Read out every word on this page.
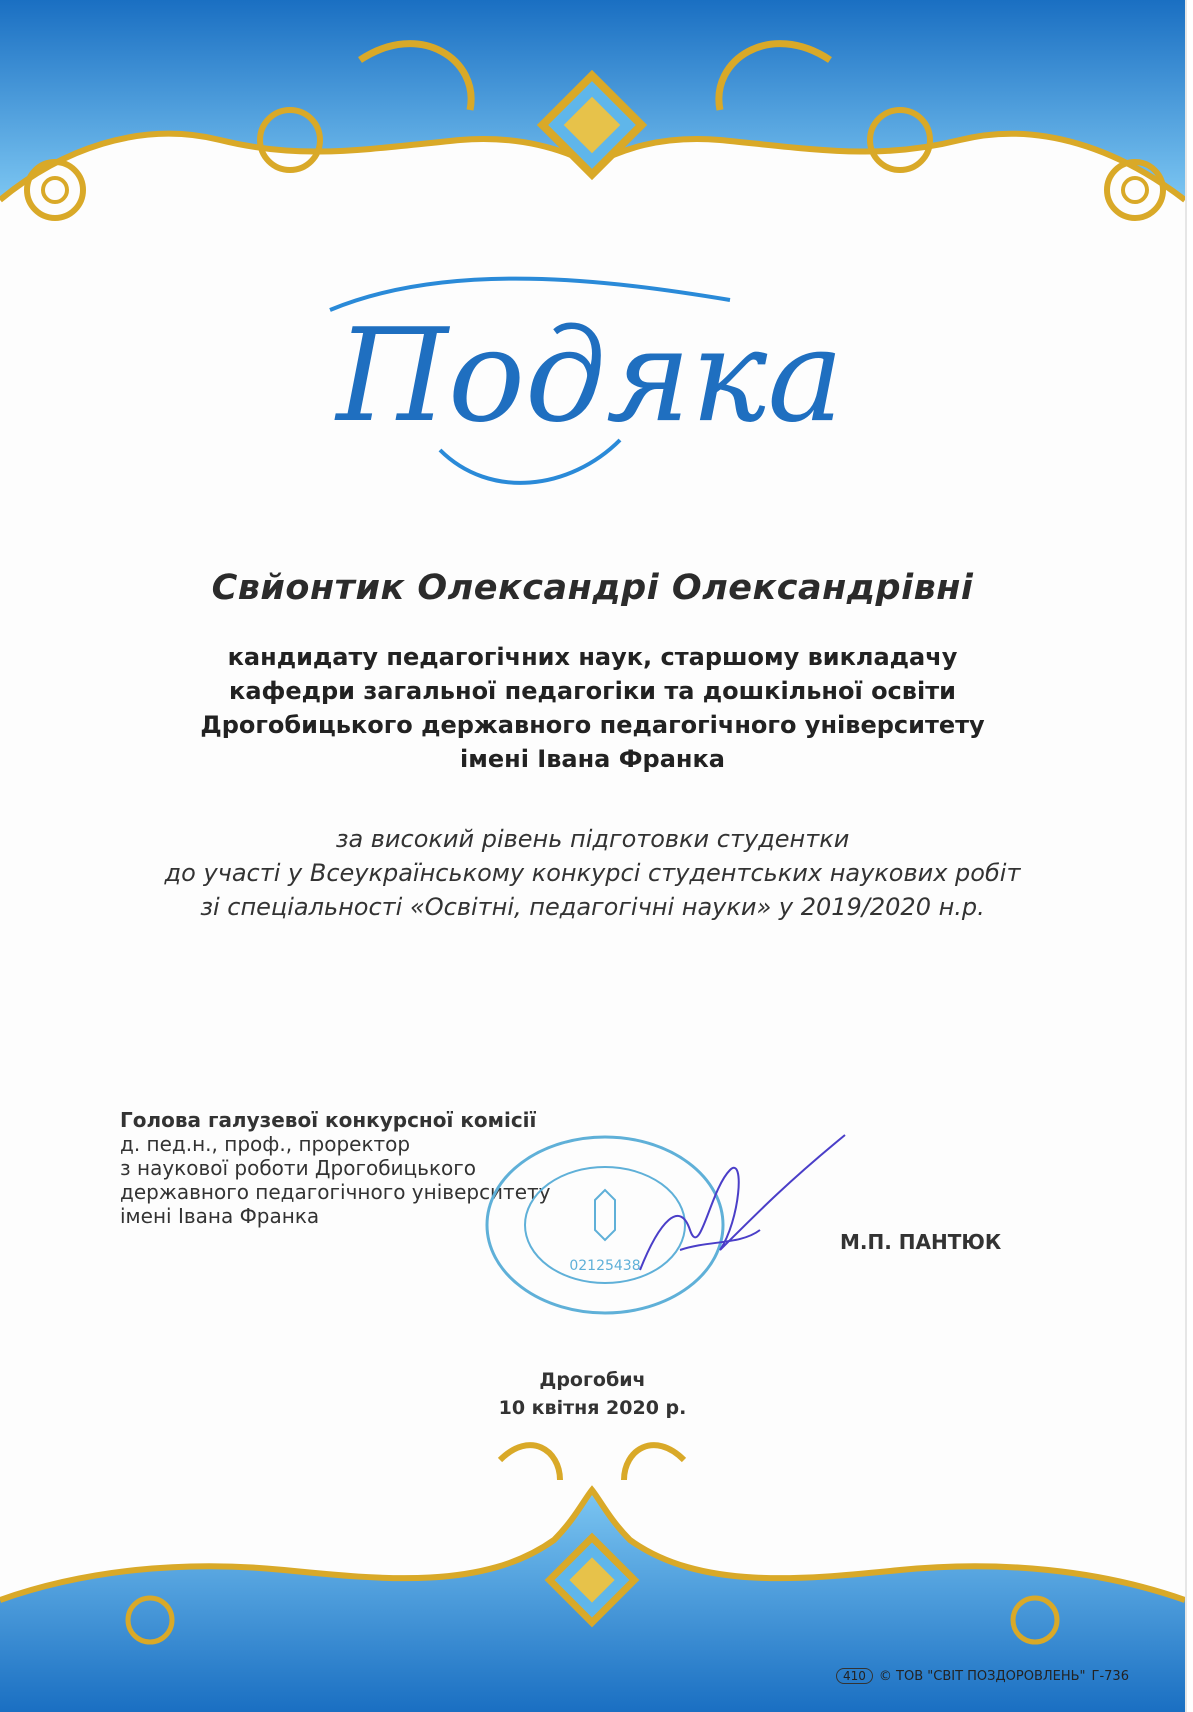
Подяка
Свйонтик Олександрі Олександрівні
кандидату педагогічних наук, старшому викладачу
кафедри загальної педагогіки та дошкільної освіти
Дрогобицького державного педагогічного університету
імені Івана Франка
за високий рівень підготовки студентки
до участі у Всеукраїнському конкурсі студентських наукових робіт
зі спеціальності «Освітні, педагогічні науки» у 2019/2020 н.р.
Голова галузевої конкурсної комісії
д. пед.н., проф., проректор
з наукової роботи Дрогобицького
державного педагогічного університету
імені Івана Франка
02125438
М.П. ПАНТЮК
Дрогобич
10 квітня 2020 р.
410	© ТОВ "СВІТ ПОЗДОРОВЛЕНЬ" Г-736
